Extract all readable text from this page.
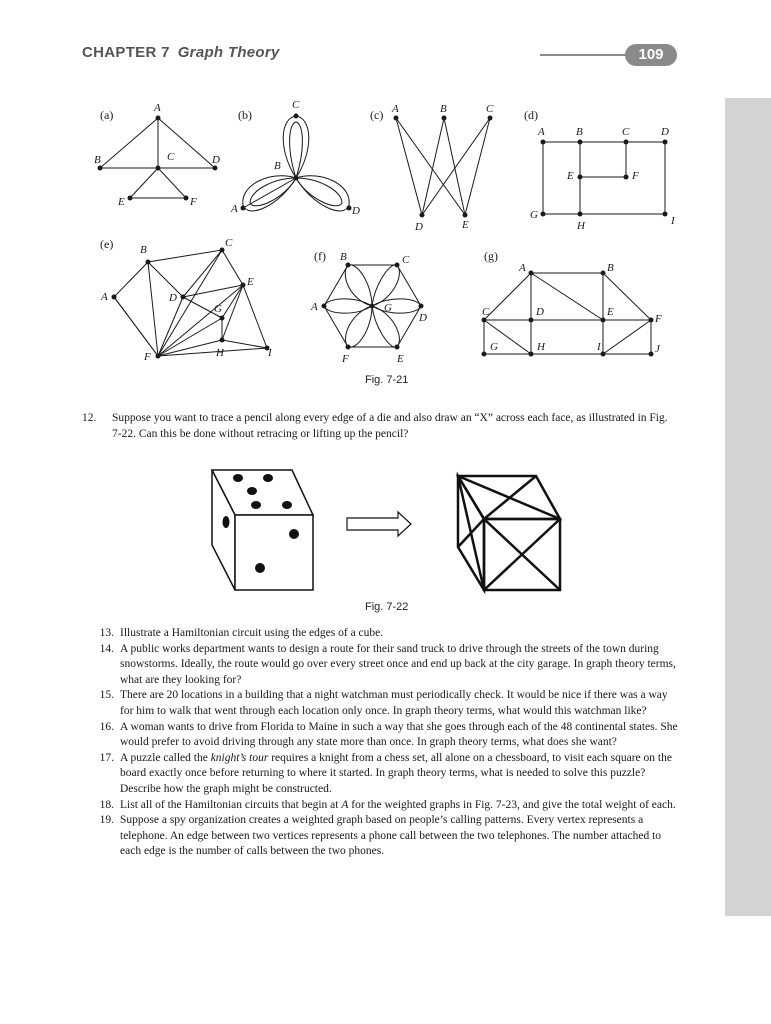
CHAPTER 7 Graph Theory	109
(a)	A
B	C	D
E	F
(b)
A
B
C
D
(c) A	B	C
D	E
(d)
A	B	C	D
E	F
G
H	I
(e)
A
B
C
D
E
F
G
H	I
(f)
A
B	C
D
E
F
G
(g)
A	B
C	D	E
F
G	H	I	J
Fig. 7-21
12. Suppose you want to trace a pencil along every edge of a die and also draw an “X” across each face, as illustrated in Fig. 7-22. Can this be done without retracing or lifting up the pencil?
Fig. 7-22
13. Illustrate a Hamiltonian circuit using the edges of a cube.
14. A public works department wants to design a route for their sand truck to drive through the streets of the town during snowstorms. Ideally, the route would go over every street once and end up back at the city garage. In graph theory terms, what are they looking for?
15. There are 20 locations in a building that a night watchman must periodically check. It would be nice if there was a way for him to walk that went through each location only once. In graph theory terms, what would this watchman like?
16. A woman wants to drive from Florida to Maine in such a way that she goes through each of the 48 continental states. She would prefer to avoid driving through any state more than once. In graph theory terms, what does she want?
17. A puzzle called the knight’s tour requires a knight from a chess set, all alone on a chessboard, to visit each square on the board exactly once before returning to where it started. In graph theory terms, what is needed to solve this puzzle? Describe how the graph might be constructed.
18. List all of the Hamiltonian circuits that begin at A for the weighted graphs in Fig. 7-23, and give the total weight of each.
19. Suppose a spy organization creates a weighted graph based on people’s calling patterns. Every vertex represents a telephone. An edge between two vertices represents a phone call between the two telephones. The number attached to each edge is the number of calls between the two phones.
